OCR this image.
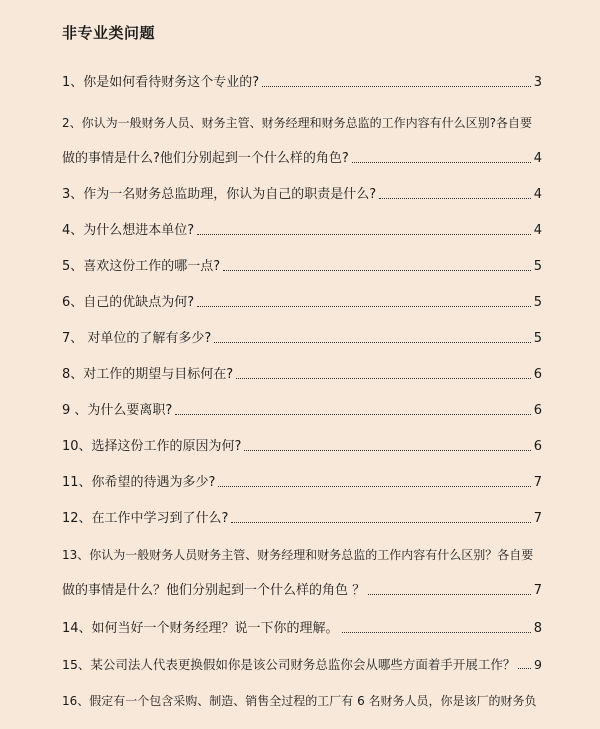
非专业类问题
1、你是如何看待财务这个专业的?	3
2、你认为一般财务人员、财务主管、财务经理和财务总监的工作内容有什么区别?各自要
做的事情是什么?他们分别起到一个什么样的角色?	4
3、作为一名财务总监助理，你认为自己的职责是什么?	4
4、为什么想进本单位?	4
5、喜欢这份工作的哪一点?	5
6、自己的优缺点为何?	5
7、 对单位的了解有多少?	5
8、对工作的期望与目标何在?	6
9 、为什么要离职?	6
10、选择这份工作的原因为何?	6
11、你希望的待遇为多少?	7
12、在工作中学习到了什么?	7
13、你认为一般财务人员财务主管、财务经理和财务总监的工作内容有什么区别？各自要
做的事情是什么？他们分别起到一个什么样的角色 ？	7
14、如何当好一个财务经理？说一下你的理解。	8
15、某公司法人代表更换假如你是该公司财务总监你会从哪些方面着手开展工作？ 9
16、假定有一个包含采购、制造、销售全过程的工厂有 6 名财务人员，你是该厂的财务负
